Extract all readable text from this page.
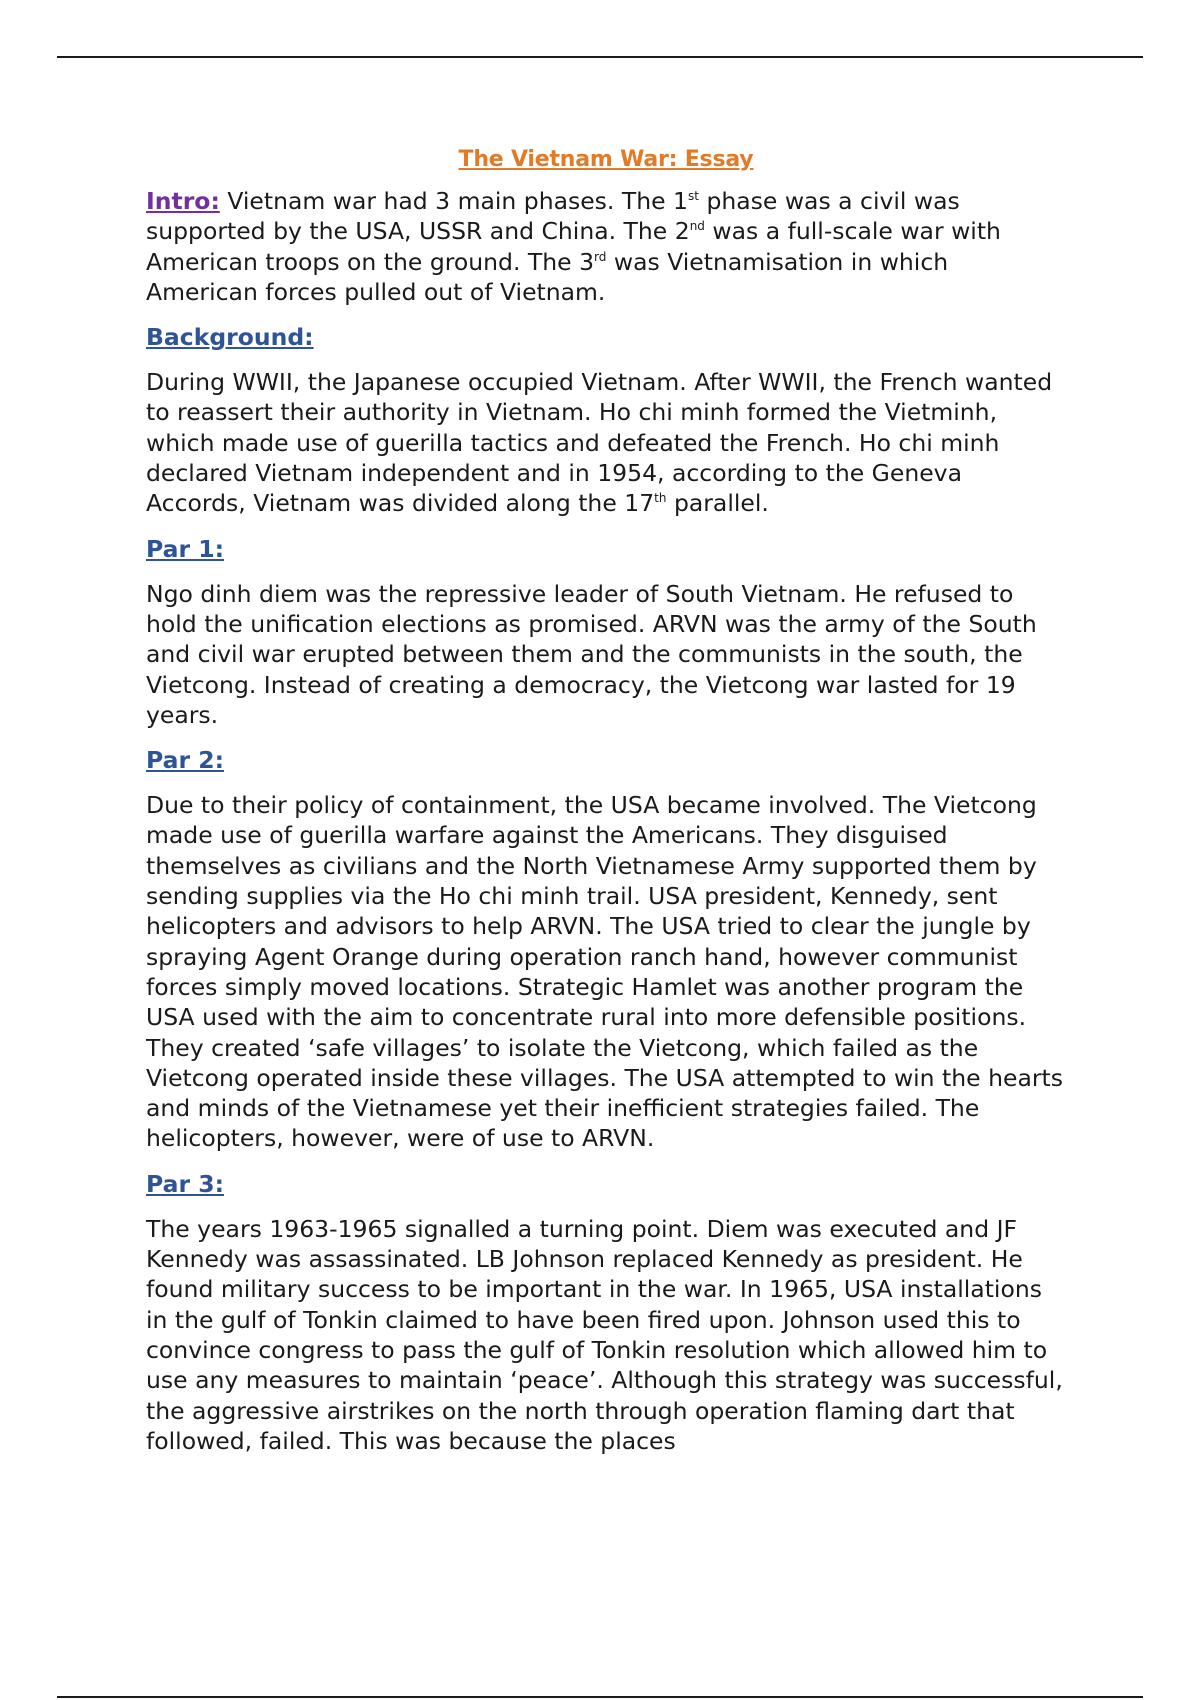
The Vietnam War: Essay

Intro: Vietnam war had 3 main phases. The 1st phase was a civil was supported by the USA, USSR and China. The 2nd was a full-scale war with American troops on the ground. The 3rd was Vietnamisation in which American forces pulled out of Vietnam.

Background:

During WWII, the Japanese occupied Vietnam. After WWII, the French wanted to reassert their authority in Vietnam. Ho chi minh formed the Vietminh, which made use of guerilla tactics and defeated the French. Ho chi minh declared Vietnam independent and in 1954, according to the Geneva Accords, Vietnam was divided along the 17th parallel.

Par 1:

Ngo dinh diem was the repressive leader of South Vietnam. He refused to hold the unification elections as promised. ARVN was the army of the South and civil war erupted between them and the communists in the south, the Vietcong. Instead of creating a democracy, the Vietcong war lasted for 19 years.

Par 2:

Due to their policy of containment, the USA became involved. The Vietcong made use of guerilla warfare against the Americans. They disguised themselves as civilians and the North Vietnamese Army supported them by sending supplies via the Ho chi minh trail. USA president, Kennedy, sent helicopters and advisors to help ARVN. The USA tried to clear the jungle by spraying Agent Orange during operation ranch hand, however communist forces simply moved locations. Strategic Hamlet was another program the USA used with the aim to concentrate rural into more defensible positions. They created ‘safe villages’ to isolate the Vietcong, which failed as the Vietcong operated inside these villages. The USA attempted to win the hearts and minds of the Vietnamese yet their inefficient strategies failed. The helicopters, however, were of use to ARVN.

Par 3:

The years 1963-1965 signalled a turning point. Diem was executed and JF Kennedy was assassinated. LB Johnson replaced Kennedy as president. He found military success to be important in the war. In 1965, USA installations in the gulf of Tonkin claimed to have been fired upon. Johnson used this to convince congress to pass the gulf of Tonkin resolution which allowed him to use any measures to maintain ‘peace’. Although this strategy was successful, the aggressive airstrikes on the north through operation flaming dart that followed, failed. This was because the places
